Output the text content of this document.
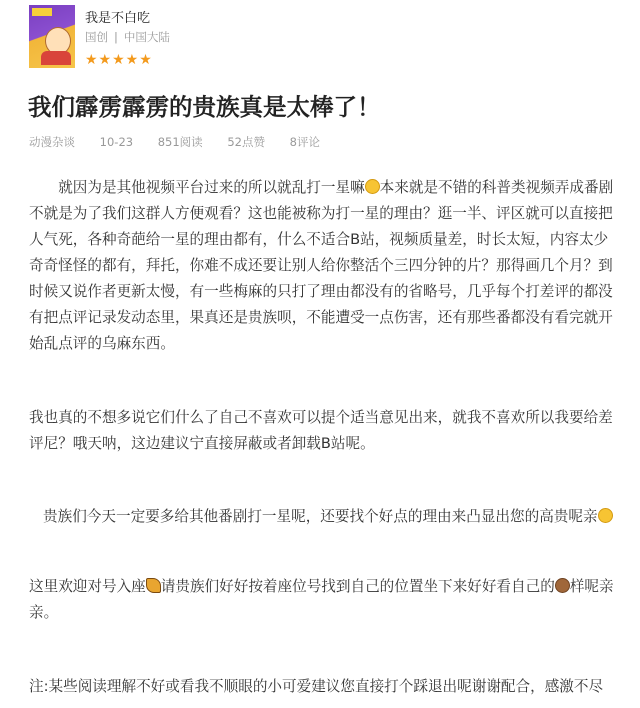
我是不白吃
国创 | 中国大陆
★★★★★
我们霹雳霹雳的贵族真是太棒了！
动漫杂谈 10-23 851阅读 52点赞 8评论

就因为是其他视频平台过来的所以就乱打一星嘛 本来就是不错的科普类视频弄成番剧不就是为了我们这群人方便观看？这也能被称为打一星的理由？逛一半、评区就可以直接把人气死，各种奇葩给一星的理由都有，什么不适合B站，视频质量差，时长太短，内容太少奇奇怪怪的都有，拜托，你难不成还要让别人给你整活个三四分钟的片？那得画几个月？到时候又说作者更新太慢，有一些梅麻的只打了理由都没有的省略号，几乎每个打差评的都没有把点评记录发动态里，果真还是贵族呗，不能遭受一点伤害，还有那些番都没有看完就开始乱点评的乌麻东西。

我也真的不想多说它们什么了自己不喜欢可以提个适当意见出来，就我不喜欢所以我要给差评尼？哦天呐，这边建议宁直接屏蔽或者卸载B站呢。

贵族们今天一定要多给其他番剧打一星呢，还要找个好点的理由来凸显出您的高贵呢亲

这里欢迎对号入座 请贵族们好好按着座位号找到自己的位置坐下来好好看自己的 样呢亲亲。

注:某些阅读理解不好或看我不顺眼的小可爱建议您直接打个踩退出呢谢谢配合，感激不尽
